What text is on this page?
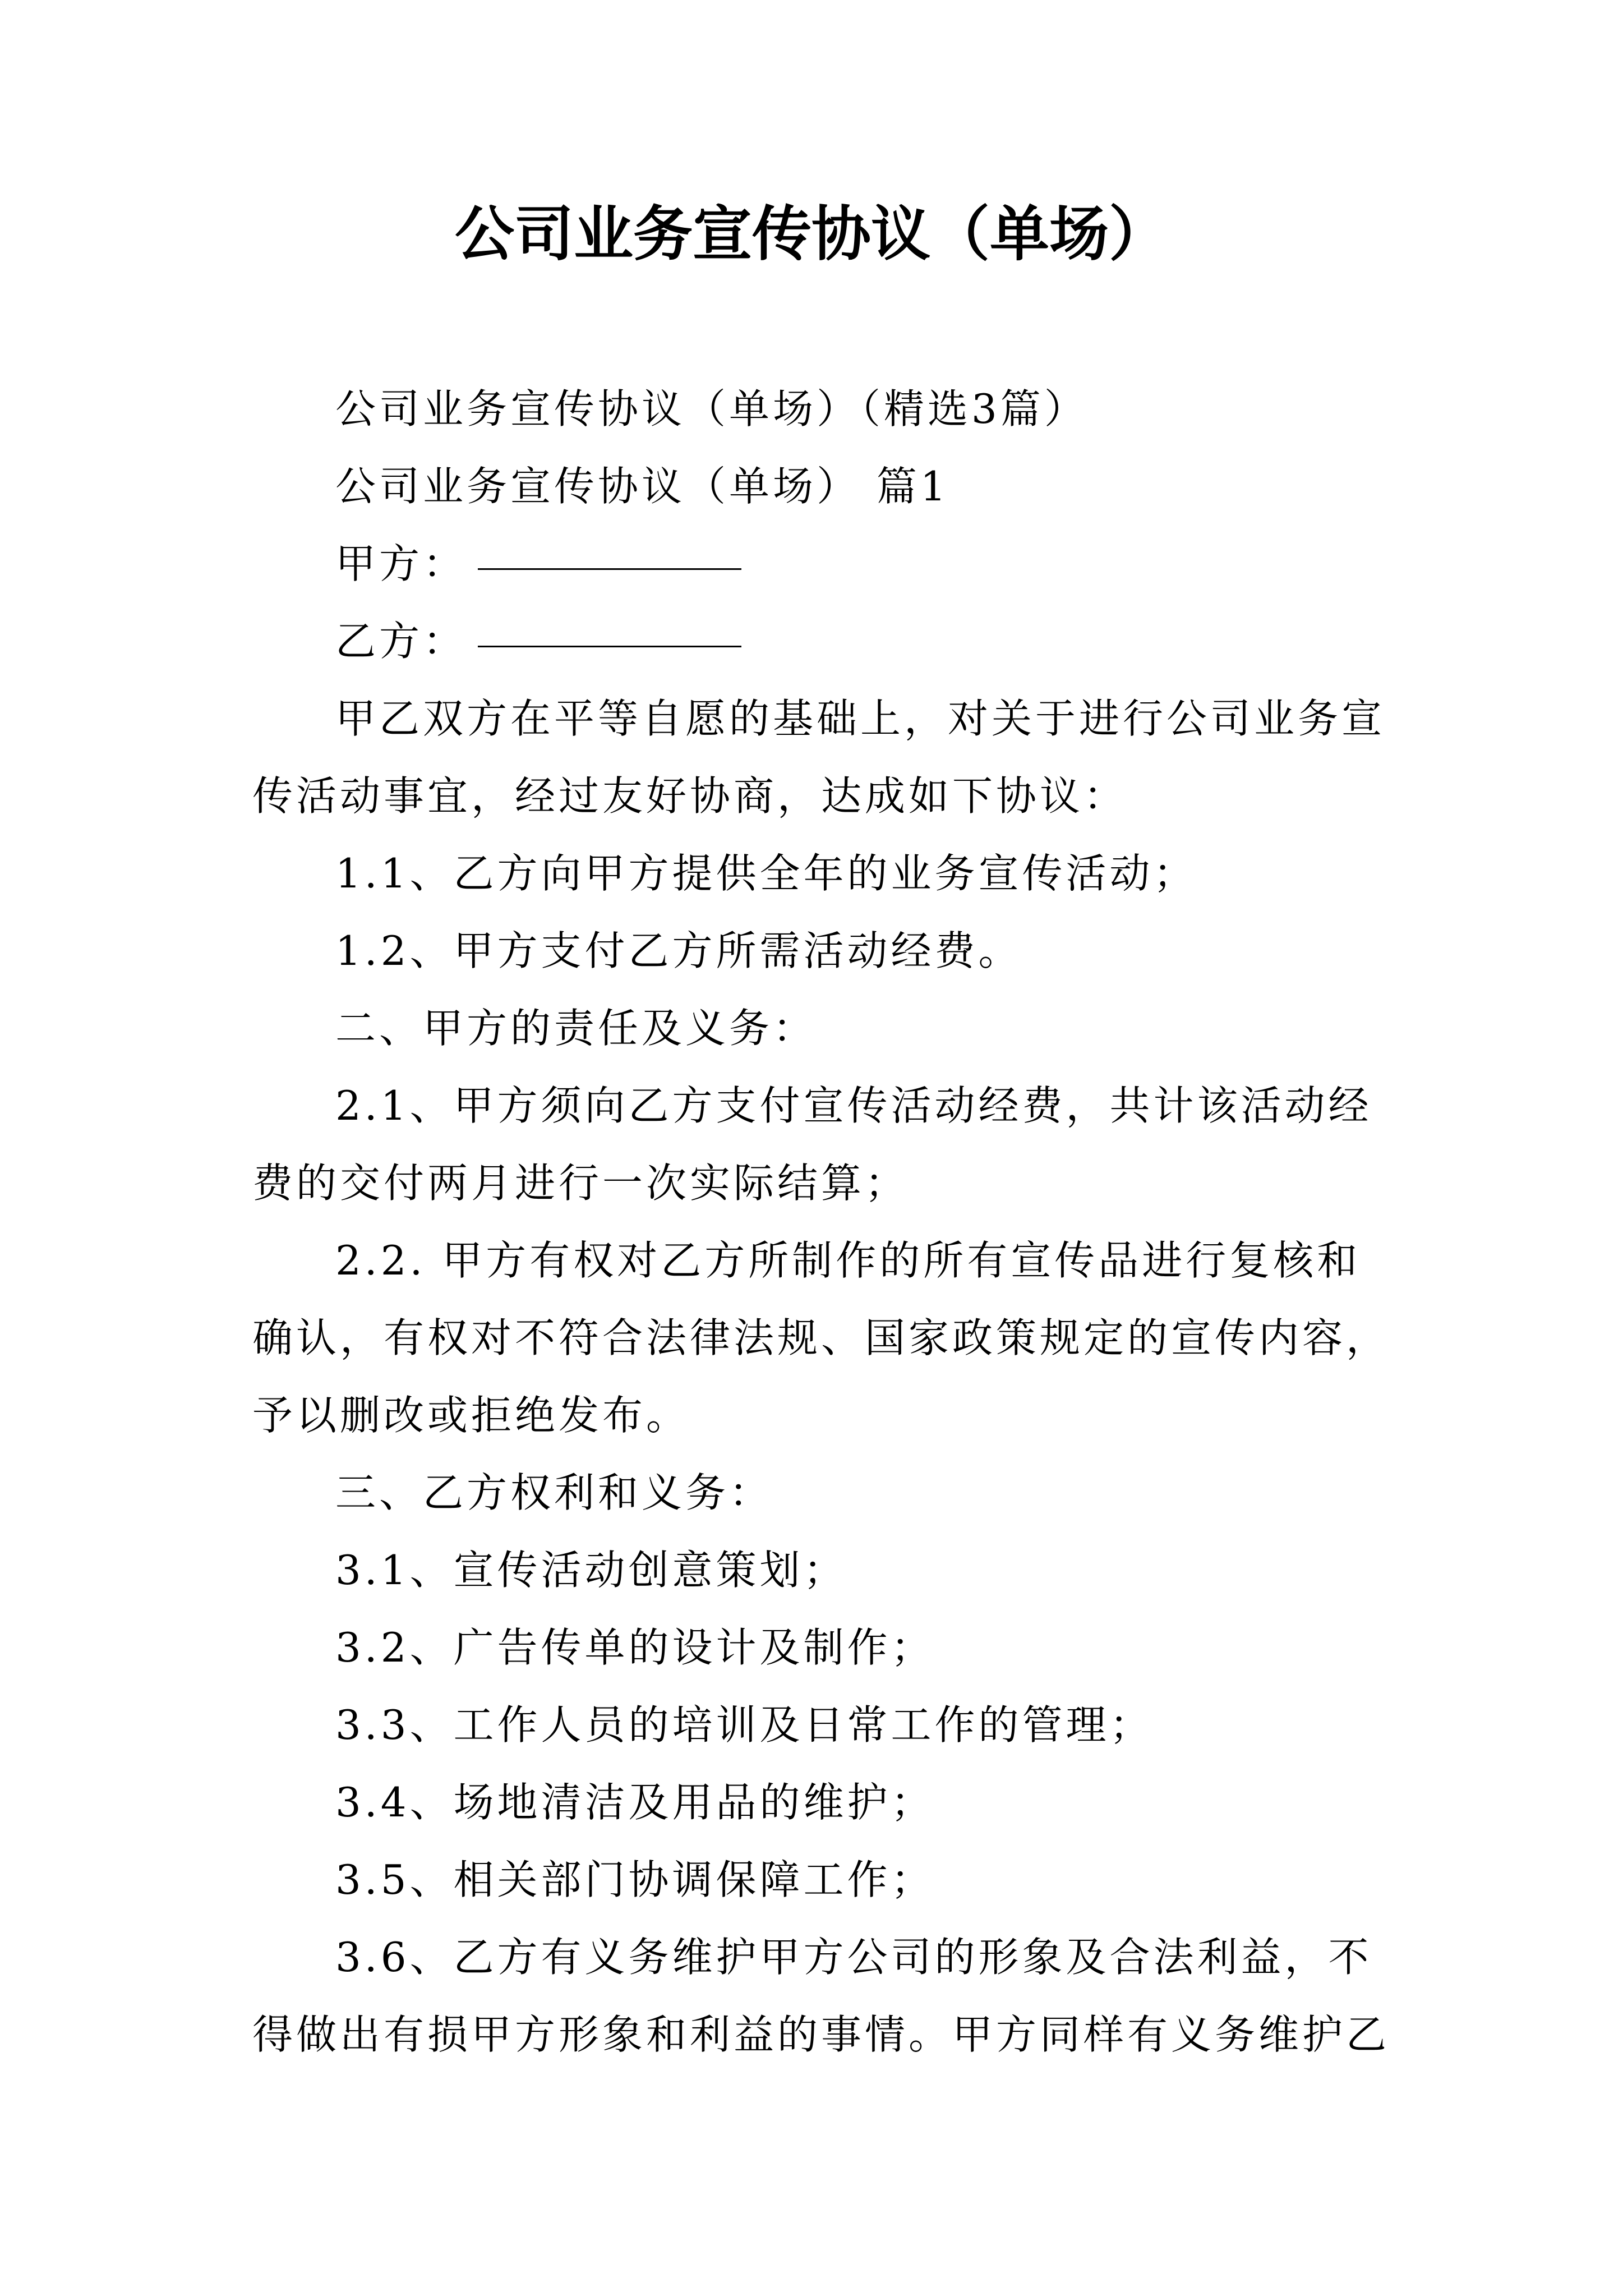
公司业务宣传协议（单场）

公司业务宣传协议（单场）（精选3篇）

公司业务宣传协议（单场） 篇1

甲方：

乙方：

甲乙双方在平等自愿的基础上，对关于进行公司业务宣传活动事宜，经过友好协商，达成如下协议：

1.1、乙方向甲方提供全年的业务宣传活动；

1.2、甲方支付乙方所需活动经费。

二、甲方的责任及义务：

2.1、甲方须向乙方支付宣传活动经费，共计该活动经费的交付两月进行一次实际结算；

2.2. 甲方有权对乙方所制作的所有宣传品进行复核和确认，有权对不符合法律法规、国家政策规定的宣传内容，予以删改或拒绝发布。

三、乙方权利和义务：

3.1、宣传活动创意策划；

3.2、广告传单的设计及制作；

3.3、工作人员的培训及日常工作的管理；

3.4、场地清洁及用品的维护；

3.5、相关部门协调保障工作；

3.6、乙方有义务维护甲方公司的形象及合法利益，不得做出有损甲方形象和利益的事情。甲方同样有义务维护乙
